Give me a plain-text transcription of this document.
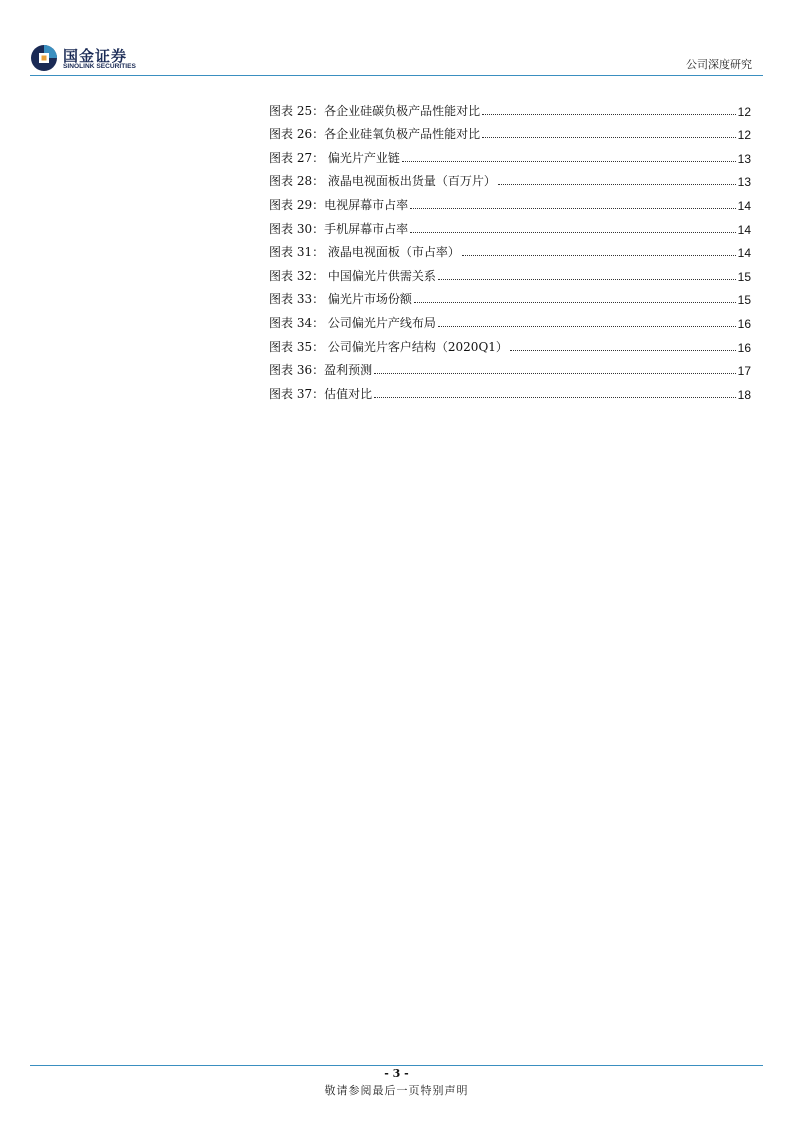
国金证券
SINOLINK SECURITIES	公司深度研究
图表 25：各企业硅碳负极产品性能对比	12
图表 26：各企业硅氧负极产品性能对比	12
图表 27： 偏光片产业链	13
图表 28： 液晶电视面板出货量（百万片）	13
图表 29：电视屏幕市占率	14
图表 30：手机屏幕市占率	14
图表 31： 液晶电视面板（市占率）	14
图表 32： 中国偏光片供需关系	15
图表 33： 偏光片市场份额	15
图表 34： 公司偏光片产线布局	16
图表 35： 公司偏光片客户结构（2020Q1）	16
图表 36：盈利预测	17
图表 37：估值对比	18
- 3 -
敬请参阅最后一页特别声明
